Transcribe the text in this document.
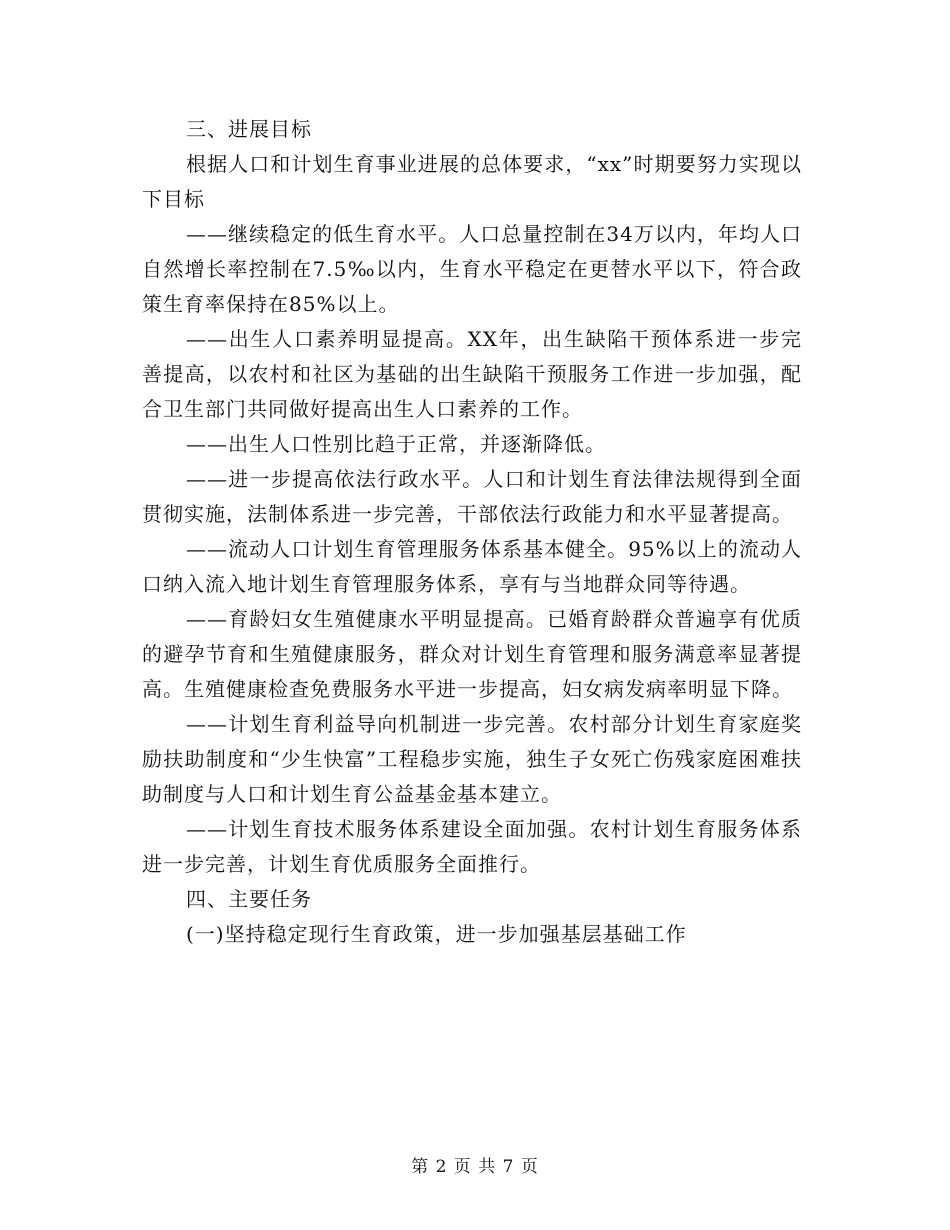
三、进展目标

根据人口和计划生育事业进展的总体要求，“xx”时期要努力实现以下目标

——继续稳定的低生育水平。人口总量控制在34万以内，年均人口自然增长率控制在7.5‰以内，生育水平稳定在更替水平以下，符合政策生育率保持在85%以上。

——出生人口素养明显提高。XX年，出生缺陷干预体系进一步完善提高，以农村和社区为基础的出生缺陷干预服务工作进一步加强，配合卫生部门共同做好提高出生人口素养的工作。

——出生人口性别比趋于正常，并逐渐降低。

——进一步提高依法行政水平。人口和计划生育法律法规得到全面贯彻实施，法制体系进一步完善，干部依法行政能力和水平显著提高。

——流动人口计划生育管理服务体系基本健全。95%以上的流动人口纳入流入地计划生育管理服务体系，享有与当地群众同等待遇。

——育龄妇女生殖健康水平明显提高。已婚育龄群众普遍享有优质的避孕节育和生殖健康服务，群众对计划生育管理和服务满意率显著提高。生殖健康检查免费服务水平进一步提高，妇女病发病率明显下降。

——计划生育利益导向机制进一步完善。农村部分计划生育家庭奖励扶助制度和“少生快富”工程稳步实施，独生子女死亡伤残家庭困难扶助制度与人口和计划生育公益基金基本建立。

——计划生育技术服务体系建设全面加强。农村计划生育服务体系进一步完善，计划生育优质服务全面推行。

四、主要任务

(一)坚持稳定现行生育政策，进一步加强基层基础工作

第 2 页 共 7 页
